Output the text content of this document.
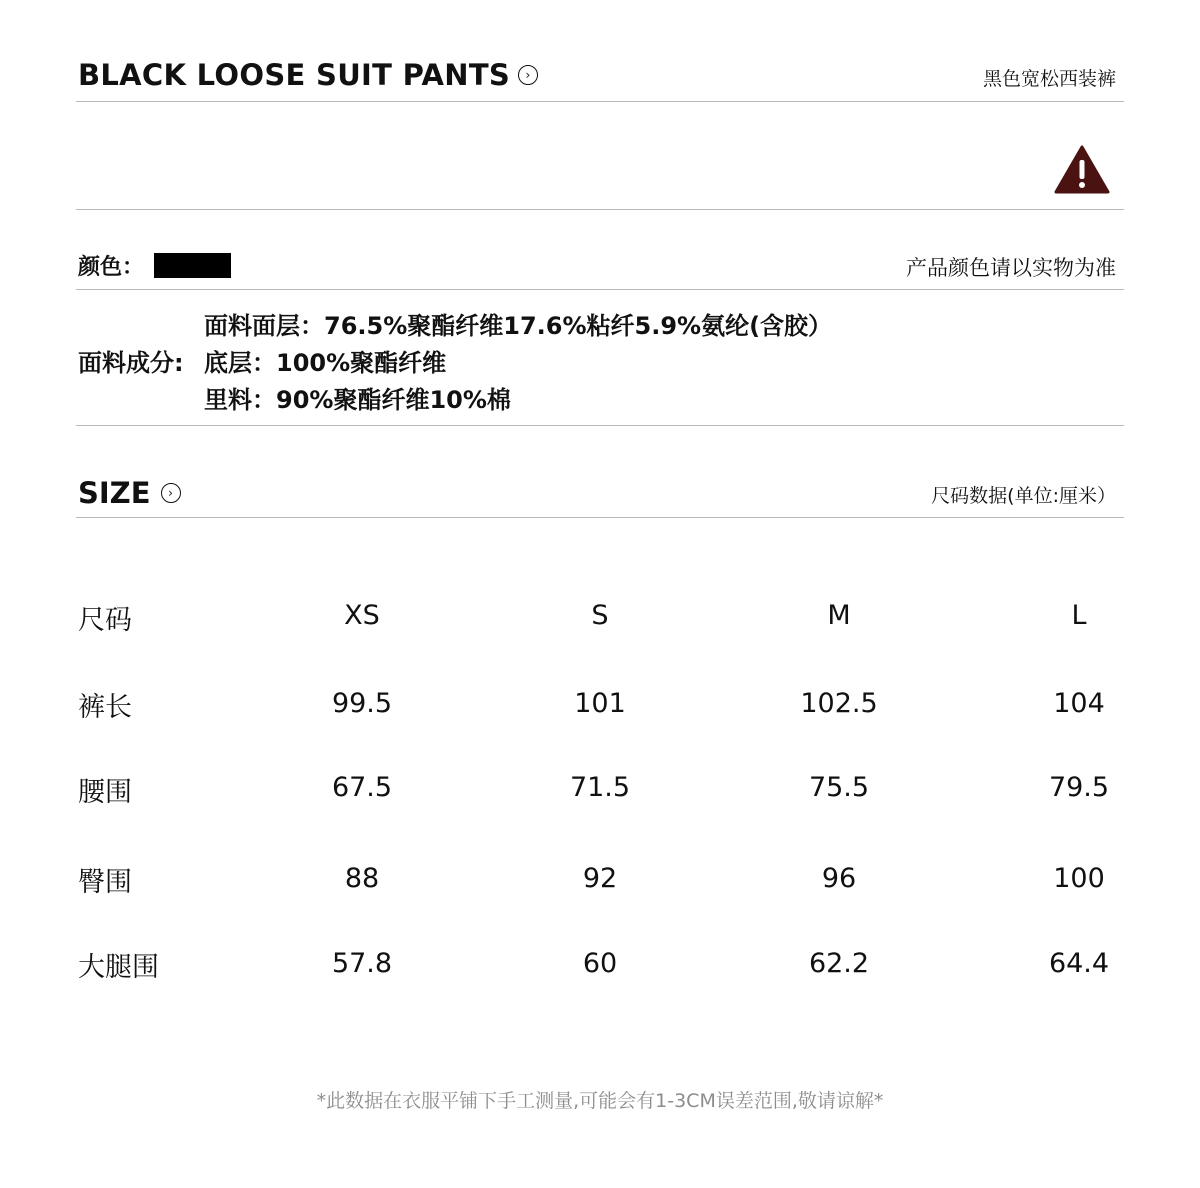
BLACK LOOSE SUIT PANTS	›	黑色宽松西装裤
颜色：	产品颜色请以实物为准
面料成分:
面料面层：76.5%聚酯纤维17.6%粘纤5.9%氨纶(含胶）
底层：100%聚酯纤维
里料：90%聚酯纤维10%棉
SIZE	›	尺码数据(单位:厘米）
尺码	XS	S	M	L
裤长	99.5	101	102.5	104
腰围	67.5	71.5	75.5	79.5
臀围	88	92	96	100
大腿围	57.8	60	62.2	64.4
*此数据在衣服平铺下手工测量,可能会有1-3CM误差范围,敬请谅解*
